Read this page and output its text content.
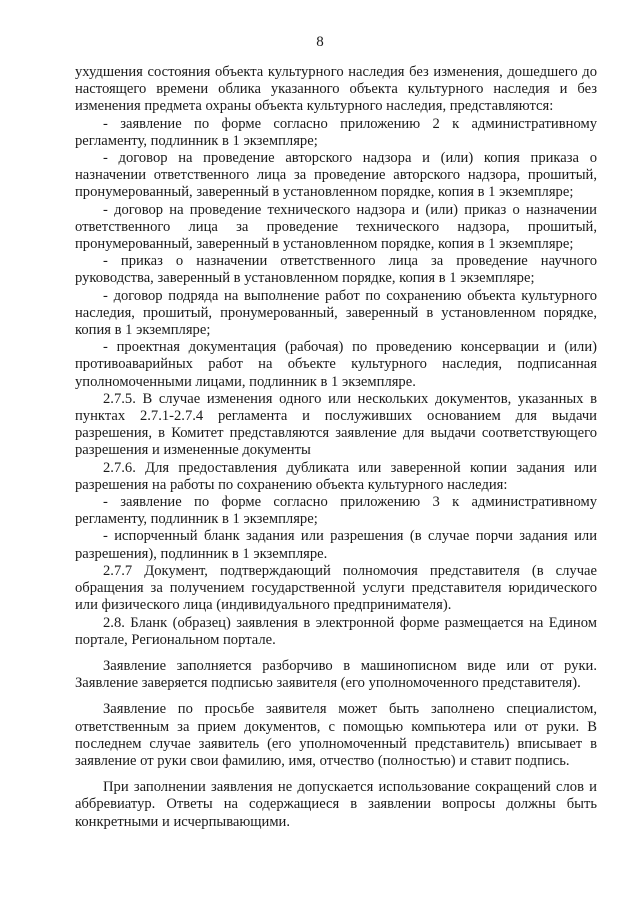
8

ухудшения состояния объекта культурного наследия без изменения, дошедшего до настоящего времени облика указанного объекта культурного наследия и без изменения предмета охраны объекта культурного наследия, представляются:

- заявление по форме согласно приложению 2 к административному регламенту, подлинник в 1 экземпляре;

- договор на проведение авторского надзора и (или) копия приказа о назначении ответственного лица за проведение авторского надзора, прошитый, пронумерованный, заверенный в установленном порядке, копия в 1 экземпляре;

- договор на проведение технического надзора и (или) приказ о назначении ответственного лица за проведение технического надзора, прошитый, пронумерованный, заверенный в установленном порядке, копия в 1 экземпляре;

- приказ о назначении ответственного лица за проведение научного руководства, заверенный в установленном порядке, копия в 1 экземпляре;

- договор подряда на выполнение работ по сохранению объекта культурного наследия, прошитый, пронумерованный, заверенный в установленном порядке, копия в 1 экземпляре;

- проектная документация (рабочая) по проведению консервации и (или) противоаварийных работ на объекте культурного наследия, подписанная уполномоченными лицами, подлинник в 1 экземпляре.

2.7.5. В случае изменения одного или нескольких документов, указанных в пунктах 2.7.1-2.7.4 регламента и послуживших основанием для выдачи разрешения, в Комитет представляются заявление для выдачи соответствующего разрешения и измененные документы

2.7.6. Для предоставления дубликата или заверенной копии задания или разрешения на работы по сохранению объекта культурного наследия:

- заявление по форме согласно приложению 3 к административному регламенту, подлинник в 1 экземпляре;

- испорченный бланк задания или разрешения (в случае порчи задания или разрешения), подлинник в 1 экземпляре.

2.7.7 Документ, подтверждающий полномочия представителя (в случае обращения за получением государственной услуги представителя юридического или физического лица (индивидуального предпринимателя).

2.8. Бланк (образец) заявления в электронной форме размещается на Едином портале, Региональном портале.

Заявление заполняется разборчиво в машинописном виде или от руки. Заявление заверяется подписью заявителя (его уполномоченного представителя).

Заявление по просьбе заявителя может быть заполнено специалистом, ответственным за прием документов, с помощью компьютера или от руки. В последнем случае заявитель (его уполномоченный представитель) вписывает в заявление от руки свои фамилию, имя, отчество (полностью) и ставит подпись.

При заполнении заявления не допускается использование сокращений слов и аббревиатур. Ответы на содержащиеся в заявлении вопросы должны быть конкретными и исчерпывающими.
